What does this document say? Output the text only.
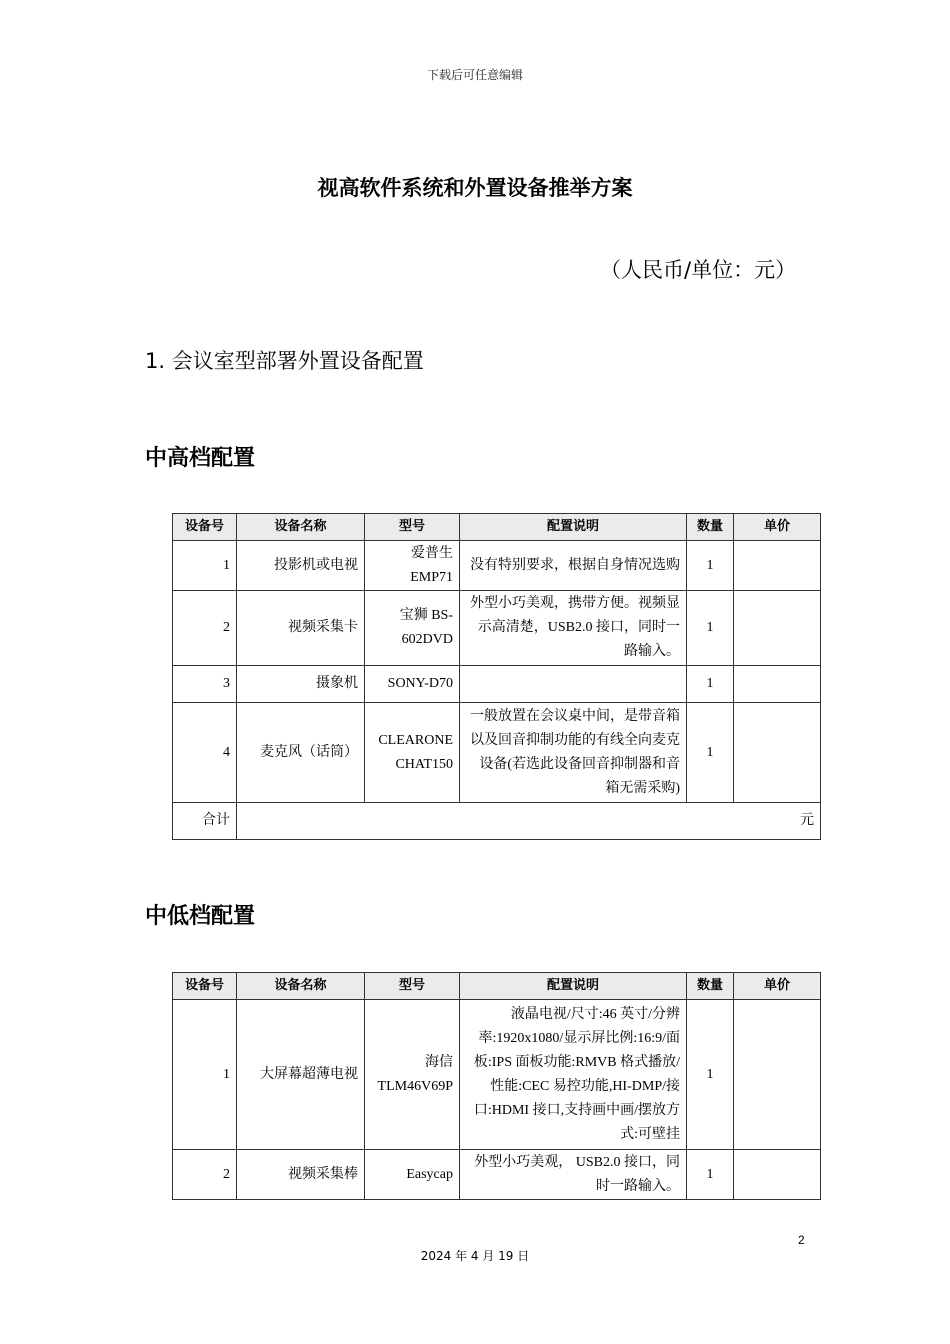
下载后可任意编辑
视高软件系统和外置设备推举方案
（人民币/单位：元）
1. 会议室型部署外置设备配置
中高档配置
设备号	设备名称	型号	配置说明	数量	单价
1	投影机或电视	爱普生 EMP71	没有特别要求，根据自身情况选购	1	
2	视频采集卡	宝狮 BS-602DVD	外型小巧美观，携带方便。视频显示高清楚，USB2.0 接口，同时一路输入。	1	
3	摄象机	SONY-D70		1	
4	麦克风（话筒）	CLEARONE CHAT150	一般放置在会议桌中间，是带音箱以及回音抑制功能的有线全向麦克设备(若选此设备回音抑制器和音箱无需采购)	1	
合计	元				
中低档配置
设备号	设备名称	型号	配置说明	数量	单价
1	大屏幕超薄电视	海信 TLM46V69P	液晶电视/尺寸:46 英寸/分辨率:1920x1080/显示屏比例:16:9/面板:IPS 面板功能:RMVB 格式播放/性能:CEC 易控功能,HI-DMP/接口:HDMI 接口,支持画中画/摆放方式:可壁挂	1	
2	视频采集棒	Easycap	外型小巧美观， USB2.0 接口，同时一路输入。	1	
2
2024 年 4 月 19 日
